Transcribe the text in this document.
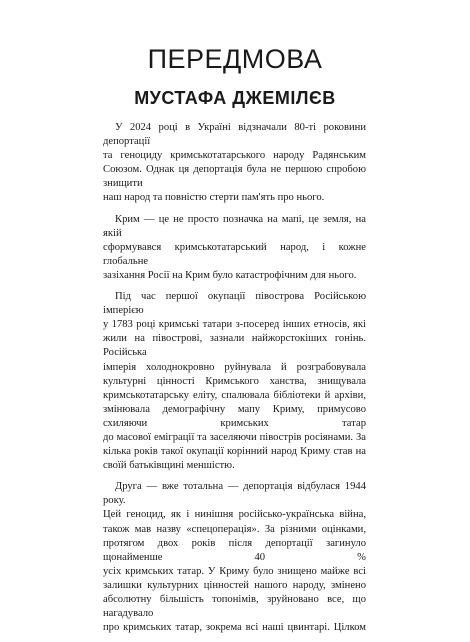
ПЕРЕДМОВА
МУСТАФА ДЖЕМІЛЄВ
У 2024 році в Україні відзначали 80-ті роковини депортації
та геноциду кримськотатарського народу Радянським Союзом. Однак ця депортація була не першою спробою знищити
наш народ та повністю стерти пам'ять про нього.
Крим — це не просто позначка на мапі, це земля, на якій
сформувався кримськотатарський народ, і кожне глобальне
зазіхання Росії на Крим було катастрофічним для нього.
Під час першої окупації півострова Російською імперією
у 1783 році кримські татари з-посеред інших етносів, які жили на півострові, зазнали найжорстокіших гонінь. Російська
імперія холоднокровно руйнувала й розграбовувала культурні цінності Кримського ханства, знищувала кримськотатарську еліту, спалювала бібліотеки й архіви, змінювала демографічну мапу Криму, примусово схиляючи кримських татар
до масової еміграції та заселяючи півострів росіянами. За
кілька років такої окупації корінний народ Криму став на
своїй батьківщині меншістю.
Друга — вже тотальна — депортація відбулася 1944 року.
Цей геноцид, як і нинішня російсько-українська війна, також мав назву «спецоперація». За різними оцінками, протягом двох років після депортації загинуло щонайменше 40 %
усіх кримських татар. У Криму було знищено майже всі залишки культурних цінностей нашого народу, змінено абсолютну більшість топонімів, зруйновано все, що нагадувало
про кримських татар, зокрема всі наші цвинтарі. Цілком
